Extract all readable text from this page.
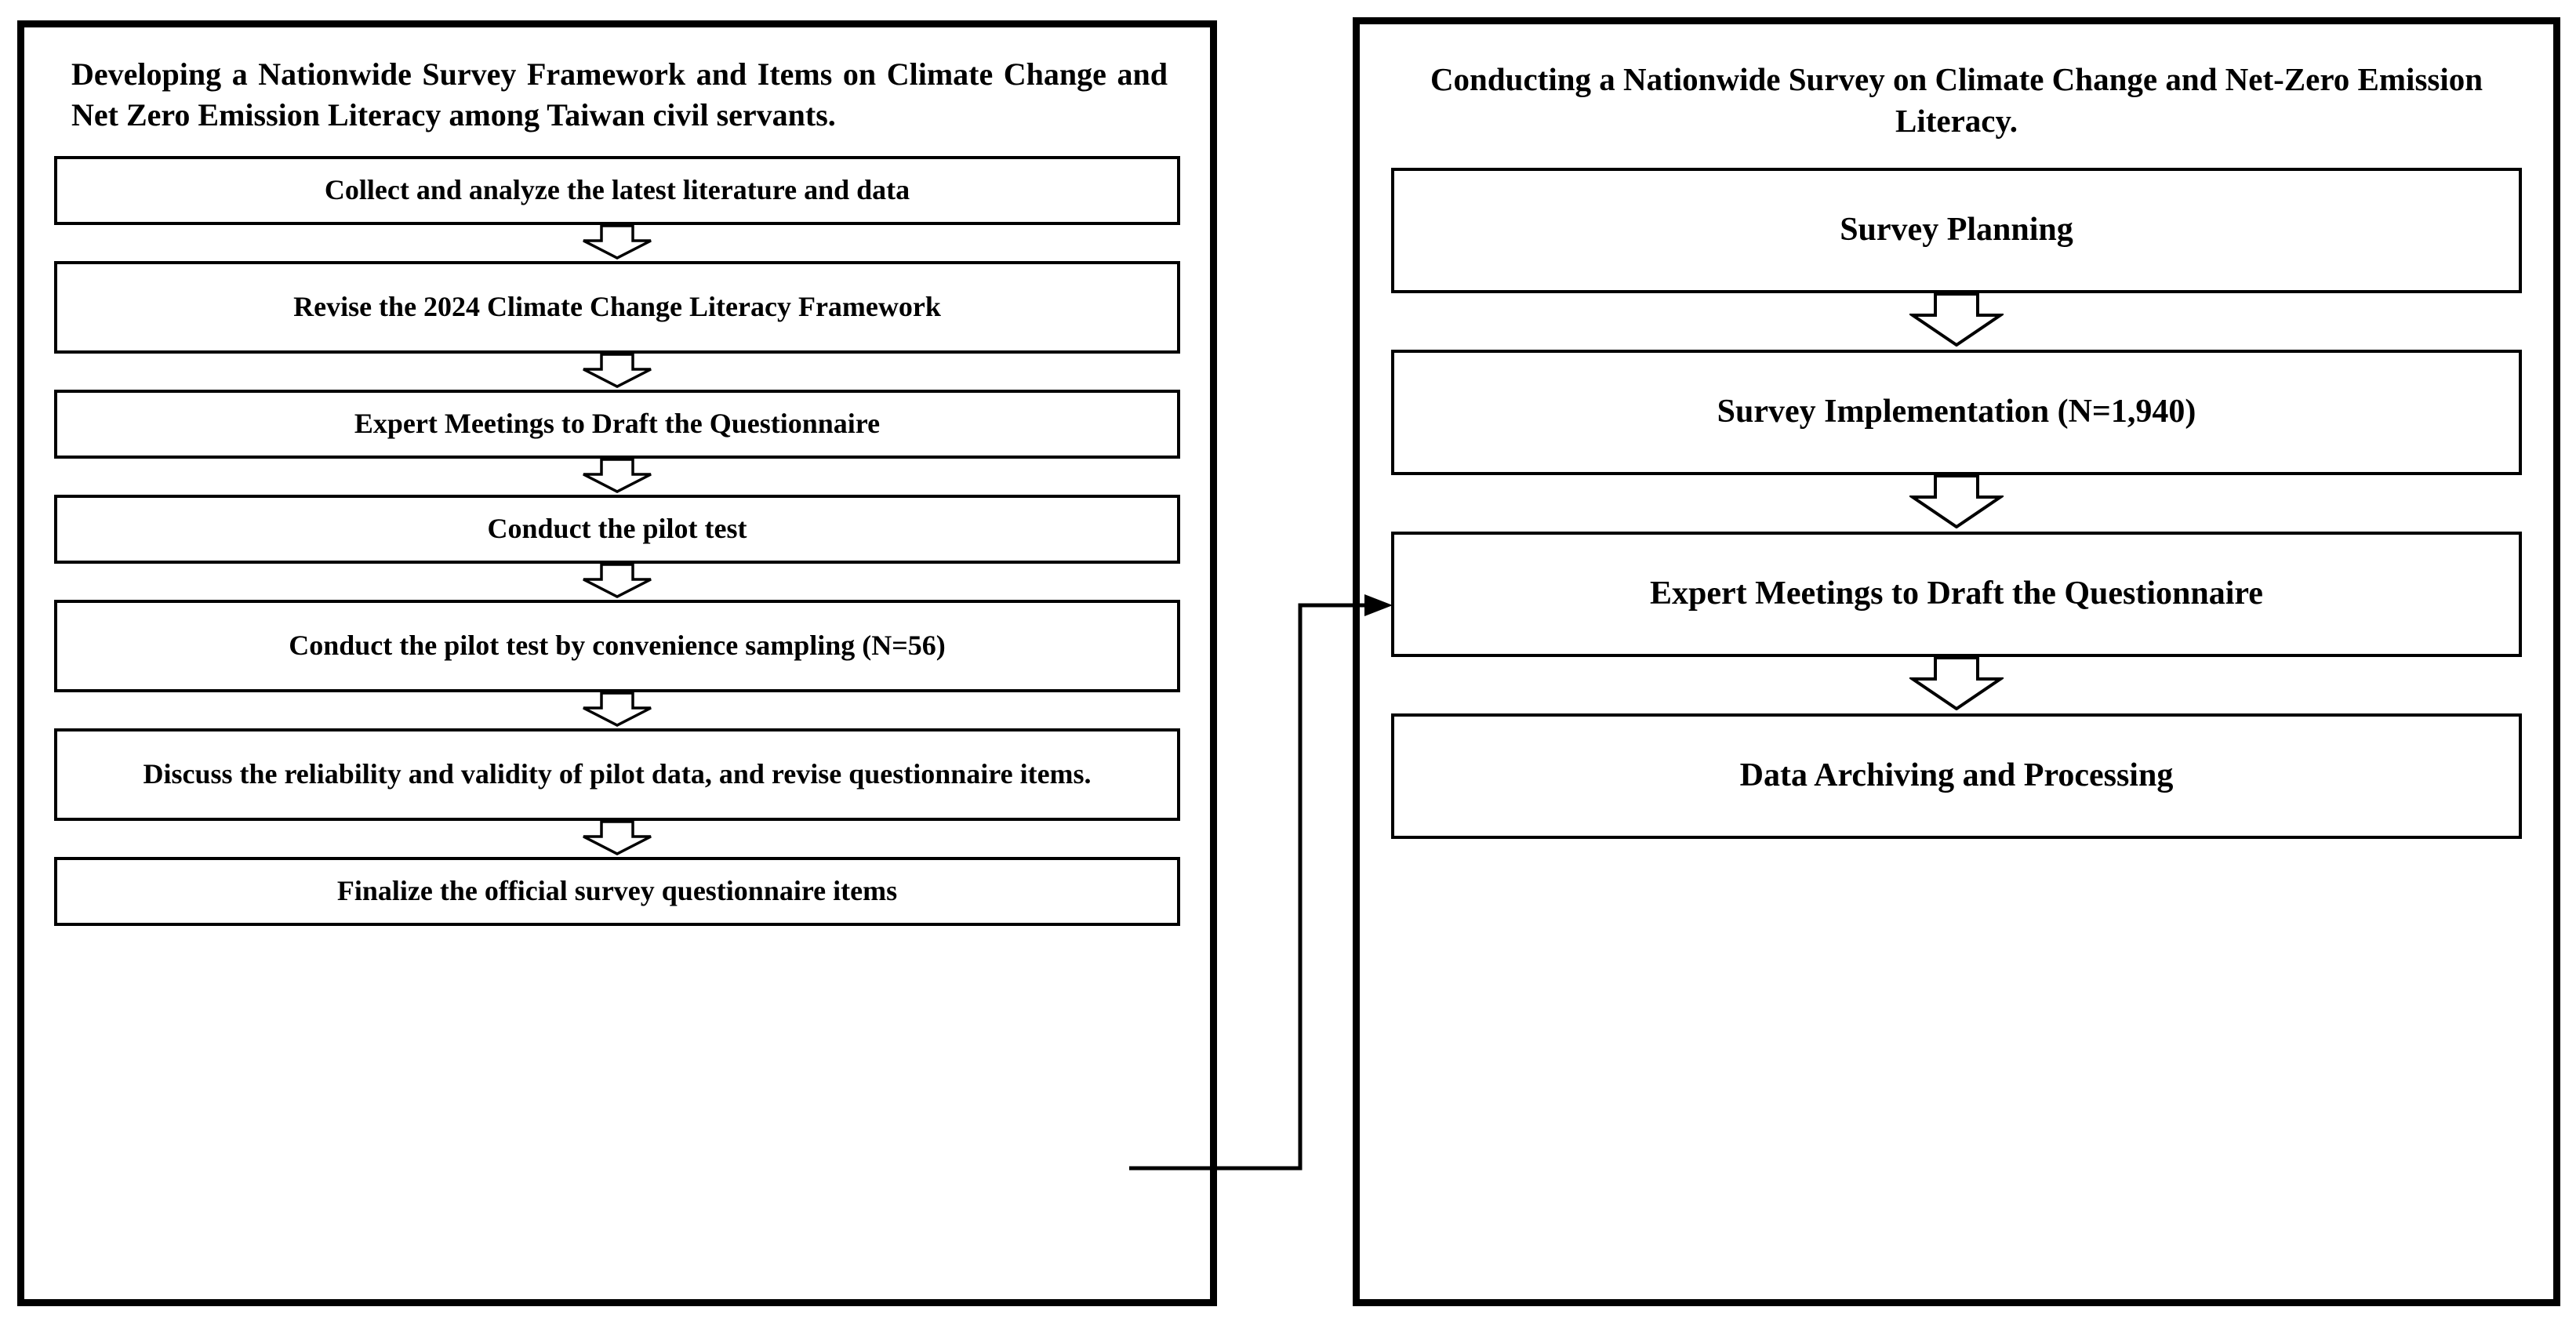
Developing a Nationwide Survey Framework and Items on Climate Change and Net Zero Emission Literacy among Taiwan civil servants.
Collect and analyze the latest literature and data
Revise the 2024 Climate Change Literacy Framework
Expert Meetings to Draft the Questionnaire
Conduct the pilot test
Conduct the pilot test by convenience sampling (N=56)
Discuss the reliability and validity of pilot data, and revise questionnaire items.
Finalize the official survey questionnaire items
Conducting a Nationwide Survey on Climate Change and Net-Zero Emission Literacy.
Survey Planning
Survey Implementation (N=1,940)
Expert Meetings to Draft the Questionnaire
Data Archiving and Processing
